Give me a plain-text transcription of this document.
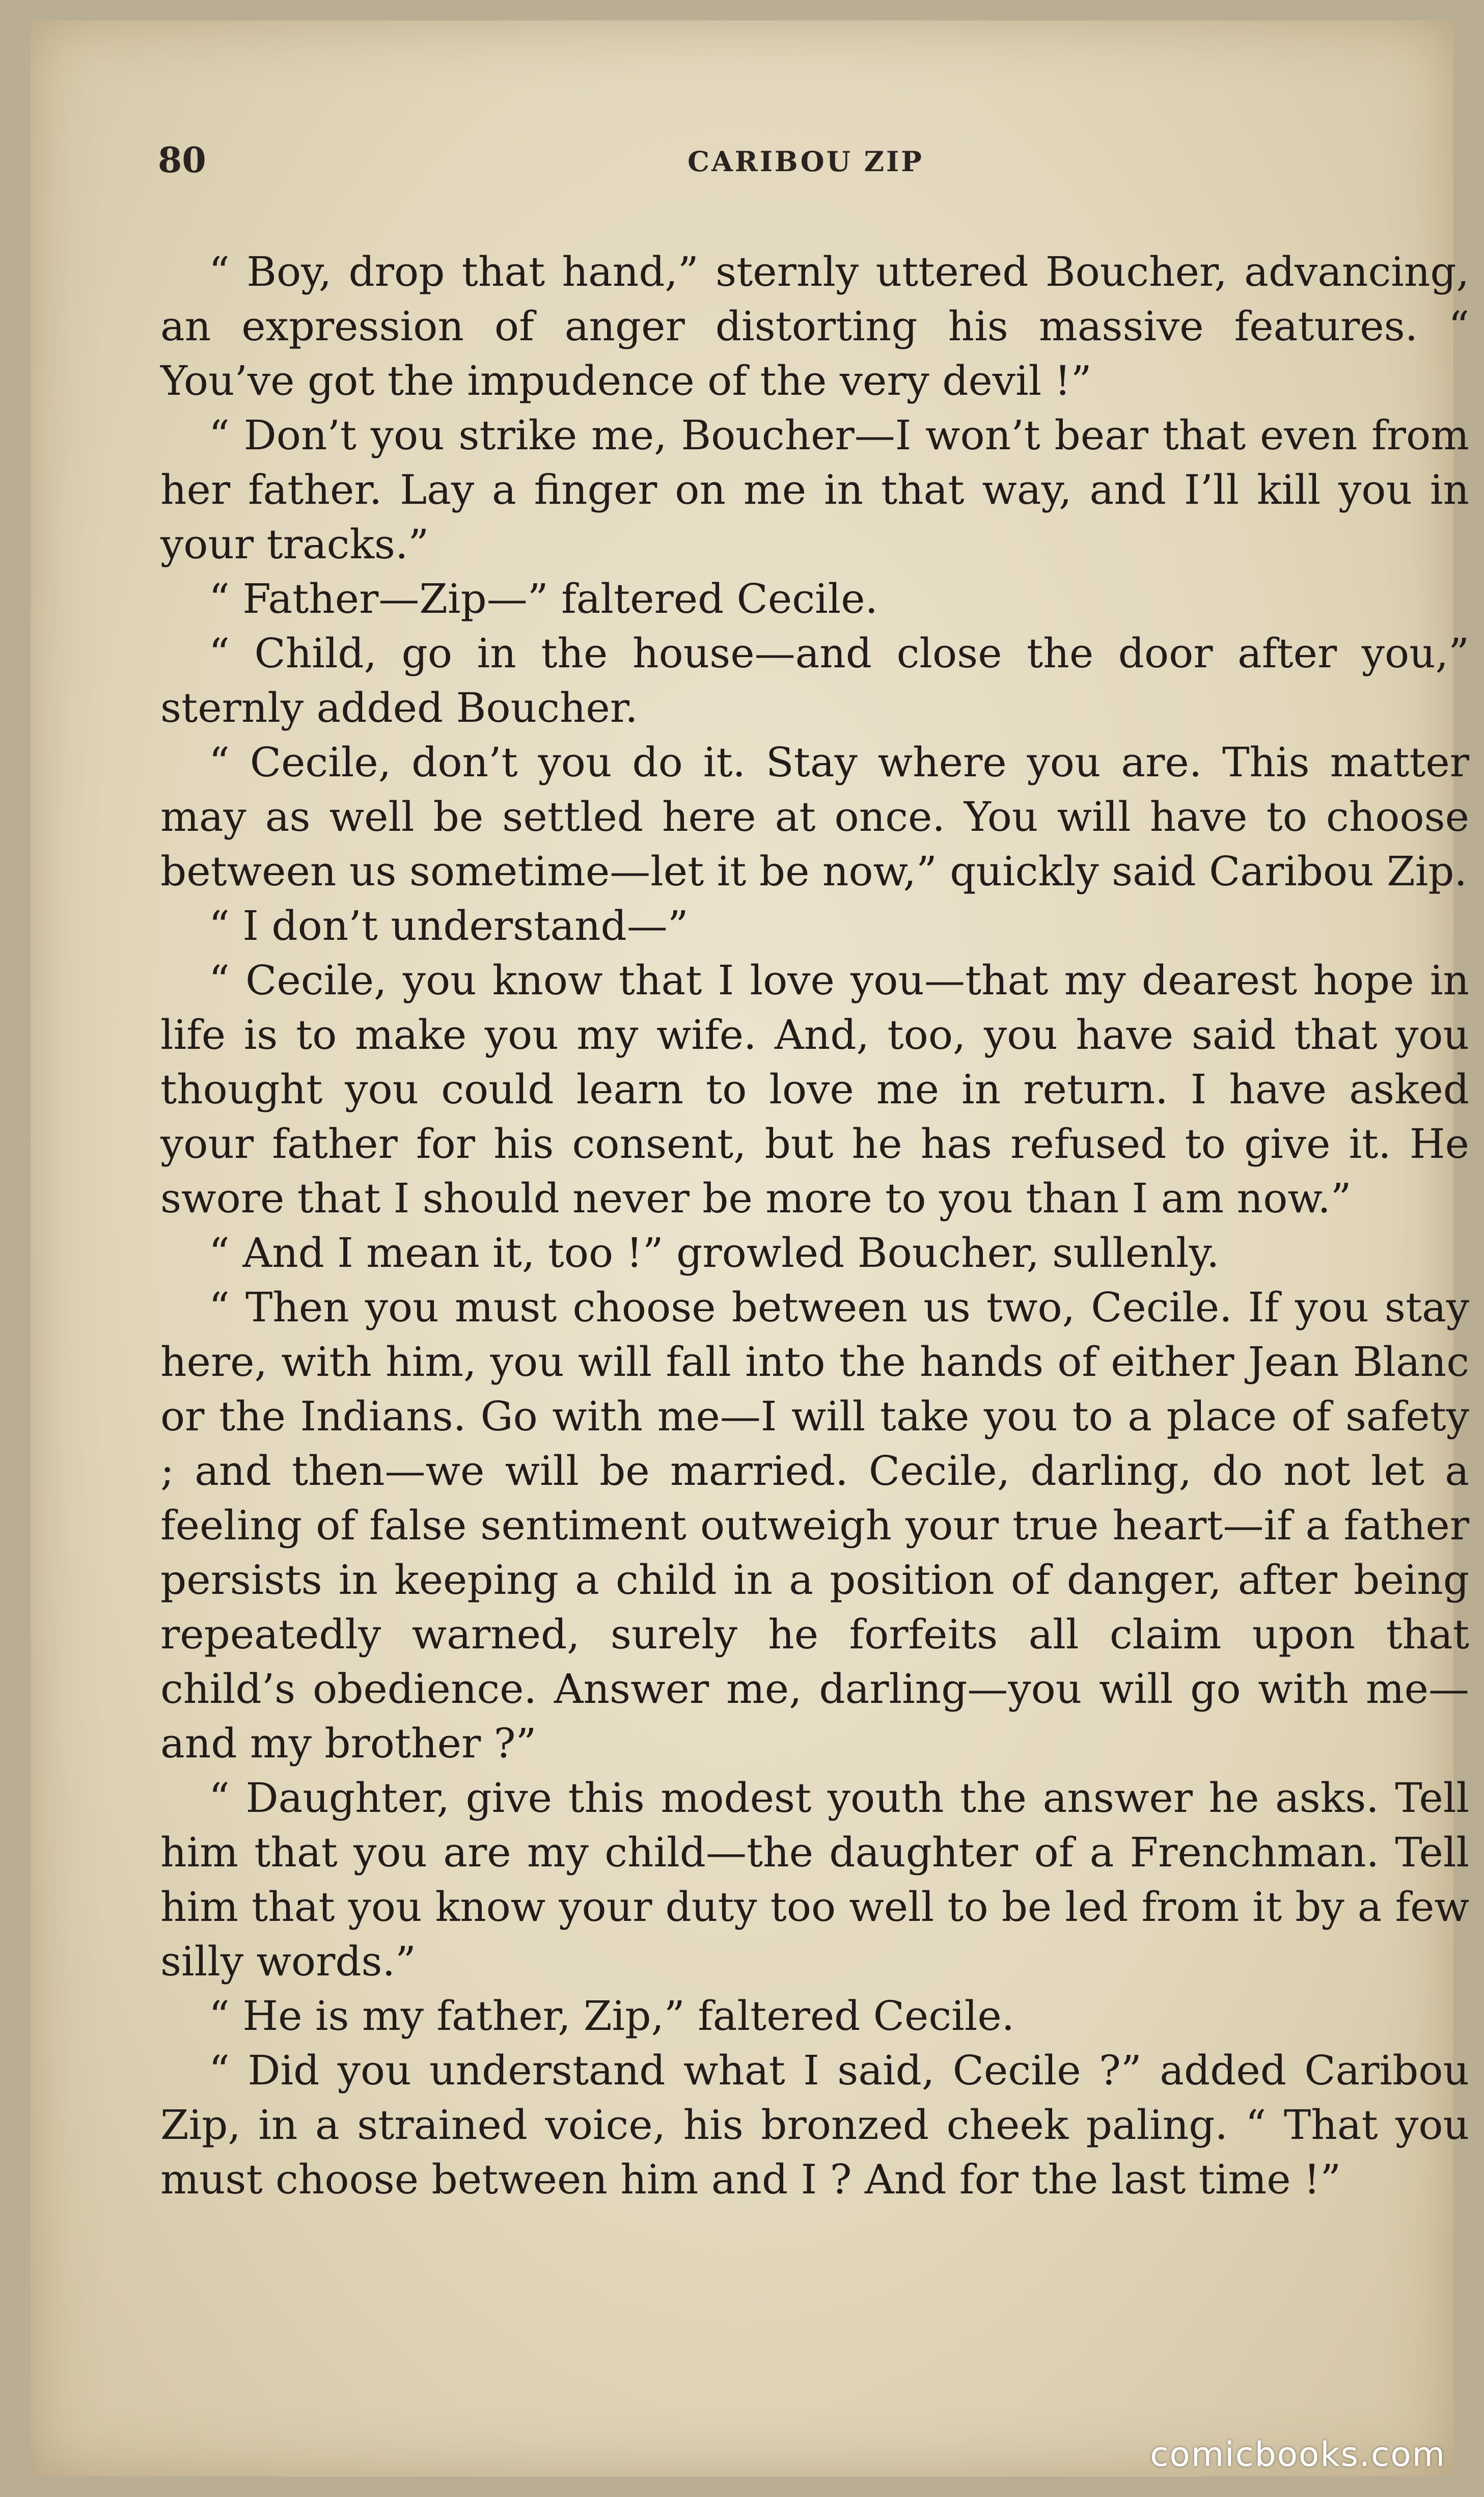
80	CARIBOU ZIP

“ Boy, drop that hand,” sternly uttered Boucher, advancing, an expression of anger distorting his massive features. “ You’ve got the impudence of the very devil !”

“ Don’t you strike me, Boucher—I won’t bear that even from her father. Lay a finger on me in that way, and I’ll kill you in your tracks.”

“ Father—Zip—” faltered Cecile.

“ Child, go in the house—and close the door after you,” sternly added Boucher.

“ Cecile, don’t you do it. Stay where you are. This matter may as well be settled here at once. You will have to choose between us sometime—let it be now,” quickly said Caribou Zip.

“ I don’t understand—”

“ Cecile, you know that I love you—that my dearest hope in life is to make you my wife. And, too, you have said that you thought you could learn to love me in return. I have asked your father for his consent, but he has refused to give it. He swore that I should never be more to you than I am now.”

“ And I mean it, too !” growled Boucher, sullenly.

“ Then you must choose between us two, Cecile. If you stay here, with him, you will fall into the hands of either Jean Blanc or the Indians. Go with me—I will take you to a place of safety ; and then—we will be married. Cecile, darling, do not let a feeling of false sentiment outweigh your true heart—if a father persists in keeping a child in a position of danger, after being repeatedly warned, surely he forfeits all claim upon that child’s obedience. Answer me, darling—you will go with me—and my brother ?”

“ Daughter, give this modest youth the answer he asks. Tell him that you are my child—the daughter of a Frenchman. Tell him that you know your duty too well to be led from it by a few silly words.”

“ He is my father, Zip,” faltered Cecile.

“ Did you understand what I said, Cecile ?” added Caribou Zip, in a strained voice, his bronzed cheek paling. “ That you must choose between him and I ? And for the last time !”

comicbooks.com
